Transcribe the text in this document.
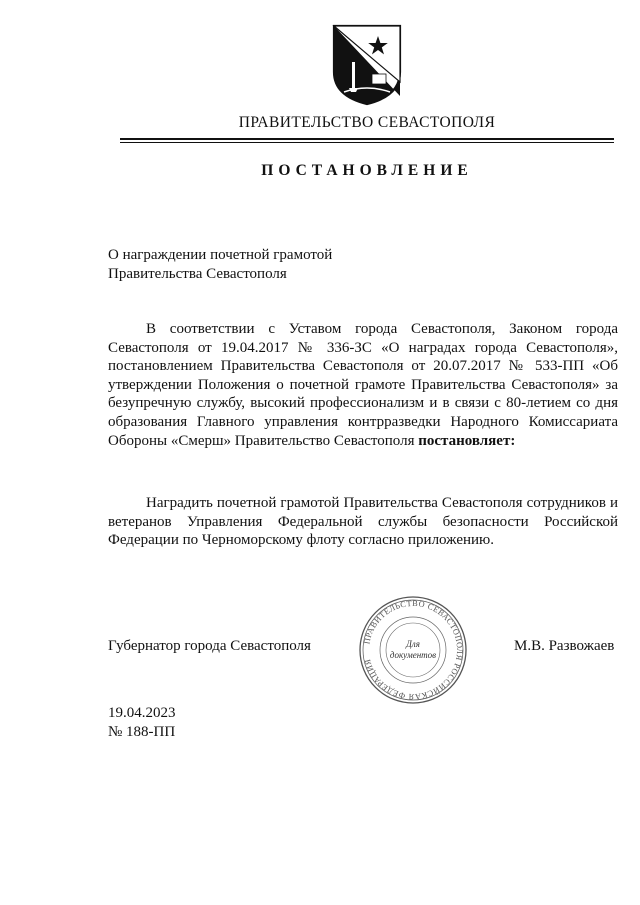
ПРАВИТЕЛЬСТВО СЕВАСТОПОЛЯ
ПОСТАНОВЛЕНИЕ
О награждении почетной грамотой
Правительства Севастополя
В соответствии с Уставом города Севастополя, Законом города Севастополя от 19.04.2017 № 336-ЗС «О наградах города Севастополя», постановлением Правительства Севастополя от 20.07.2017 № 533-ПП «Об утверждении Положения о почетной грамоте Правительства Севастополя» за безупречную службу, высокий профессионализм и в связи с 80-летием со дня образования Главного управления контрразведки Народного Комиссариата Обороны «Смерш» Правительство Севастополя постановляет:
Наградить почетной грамотой Правительства Севастополя сотрудников и ветеранов Управления Федеральной службы безопасности Российской Федерации по Черноморскому флоту согласно приложению.
Губернатор города Севастополя	ПРАВИТЕЛЬСТВО СЕВАСТОПОЛЯ РОССИЙСКАЯ ФЕДЕРАЦИЯ
Для
документов
М.В. Развожаев
19.04.2023
№ 188-ПП
